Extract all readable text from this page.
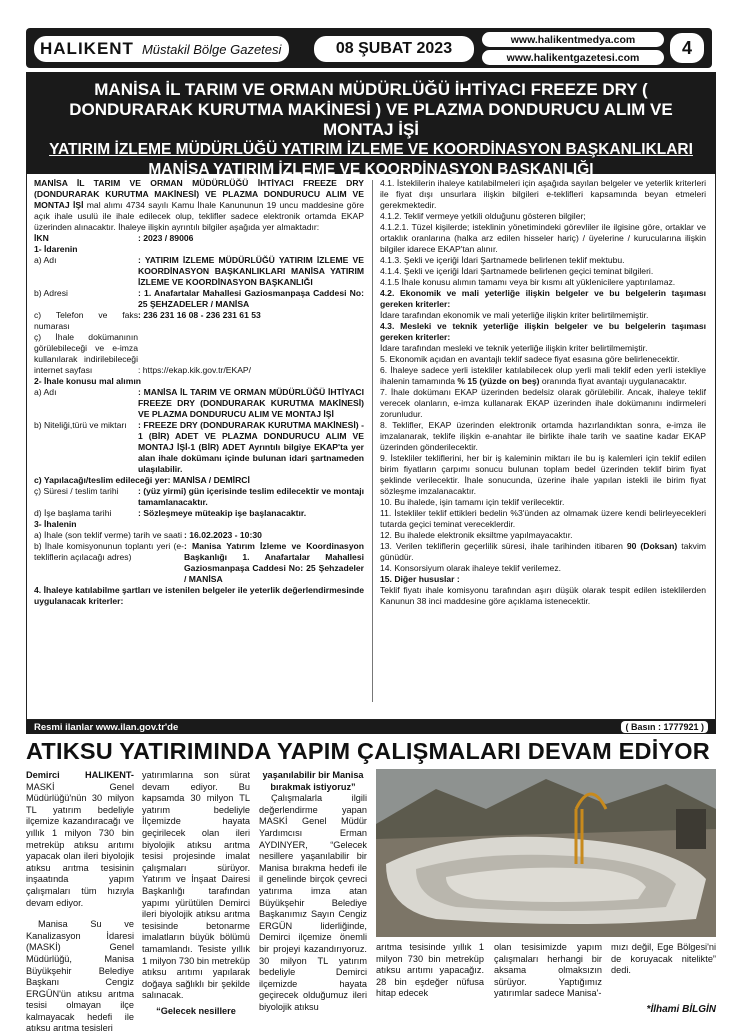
HALIKENT Müstakil Bölge Gazetesi	08 ŞUBAT 2023
www.halikentmedya.com
www.halikentgazetesi.com	4
MANİSA İL TARIM VE ORMAN MÜDÜRLÜĞÜ İHTİYACI FREEZE DRY ( DONDURARAK KURUTMA MAKİNESİ ) VE PLAZMA DONDURUCU ALIM VE MONTAJ İŞİ
YATIRIM İZLEME MÜDÜRLÜĞÜ YATIRIM İZLEME VE KOORDİNASYON BAŞKANLIKLARI
MANİSA YATIRIM İZLEME VE KOORDİNASYON BAŞKANLIĞI
MANİSA İL TARIM VE ORMAN MÜDÜRLÜĞÜ İHTİYACI FREEZE DRY (DONDURARAK KURUTMA MAKİNESİ) VE PLAZMA DONDURUCU ALIM VE MONTAJ İŞİ mal alımı 4734 sayılı Kamu İhale Kanununun 19 uncu maddesine göre açık ihale usulü ile ihale edilecek olup, teklifler sadece elektronik ortamda EKAP üzerinden alınacaktır. İhaleye ilişkin ayrıntılı bilgiler aşağıda yer almaktadır:
İKN	: 2023 / 89006
1- İdarenin
a) Adı	: YATIRIM İZLEME MÜDÜRLÜĞÜ YATIRIM İZLEME VE KOORDİNASYON BAŞKANLIKLARI MANİSA YATIRIM İZLEME VE KOORDİNASYON BAŞKANLIĞI
b) Adresi	: 1. Anafartalar Mahallesi Gaziosmanpaşa Caddesi No: 25 ŞEHZADELER / MANİSA
c) Telefon ve faks numarası
: 236 231 16 08 - 236 231 61 53
ç) İhale dokümanının görülebileceği ve e-imza kullanılarak indirilebileceği internet sayfası	: https://ekap.kik.gov.tr/EKAP/
2- İhale konusu mal alımın
a) Adı	: MANİSA İL TARIM VE ORMAN MÜDÜRLÜĞÜ İHTİYACI FREEZE DRY (DONDURARAK KURUTMA MAKİNESİ) VE PLAZMA DONDURUCU ALIM VE MONTAJ İŞİ
b) Niteliği,türü ve miktarı	: FREEZE DRY (DONDURARAK KURUTMA MAKİNESİ) - 1 (BİR) ADET VE PLAZMA DONDURUCU ALIM VE MONTAJ İŞİ-1 (BİR) ADET Ayrıntılı bilgiye EKAP'ta yer alan ihale dokümanı içinde bulunan idari şartnameden ulaşılabilir.
c) Yapılacağı/teslim edileceği yer: MANİSA / DEMİRCİ
ç) Süresi / teslim tarihi	: (yüz yirmi) gün içerisinde teslim edilecektir ve montajı tamamlanacaktır.
d) İşe başlama tarihi	: Sözleşmeye müteakip işe başlanacaktır.
3- İhalenin
a) İhale (son teklif verme) tarih ve saati : 16.02.2023 - 10:30
b) İhale komisyonunun toplantı yeri (e-tekliflerin açılacağı adres)
: Manisa Yatırım İzleme ve Koordinasyon Başkanlığı 1. Anafartalar Mahallesi Gaziosmanpaşa Caddesi No: 25 Şehzadeler / MANİSA
4. İhaleye katılabilme şartları ve istenilen belgeler ile yeterlik değerlendirmesinde uygulanacak kriterler:
4.1. İsteklilerin ihaleye katılabilmeleri için aşağıda sayılan belgeler ve yeterlik kriterleri ile fiyat dışı unsurlara ilişkin bilgileri e-teklifleri kapsamında beyan etmeleri gerekmektedir.
4.1.2. Teklif vermeye yetkili olduğunu gösteren bilgiler;
4.1.2.1. Tüzel kişilerde; isteklinin yönetimindeki görevliler ile ilgisine göre, ortaklar ve ortaklık oranlarına (halka arz edilen hisseler hariç) / üyelerine / kurucularına ilişkin bilgiler idarece EKAP'tan alınır.
4.1.3. Şekli ve içeriği İdari Şartnamede belirlenen teklif mektubu.
4.1.4. Şekli ve içeriği İdari Şartnamede belirlenen geçici teminat bilgileri.
4.1.5 İhale konusu alımın tamamı veya bir kısmı alt yüklenicilere yaptırılamaz.
4.2. Ekonomik ve mali yeterliğe ilişkin belgeler ve bu belgelerin taşıması gereken kriterler:
İdare tarafından ekonomik ve mali yeterliğe ilişkin kriter belirtilmemiştir.
4.3. Mesleki ve teknik yeterliğe ilişkin belgeler ve bu belgelerin taşıması gereken kriterler:
İdare tarafından mesleki ve teknik yeterliğe ilişkin kriter belirtilmemiştir.
5. Ekonomik açıdan en avantajlı teklif sadece fiyat esasına göre belirlenecektir.
6. İhaleye sadece yerli istekliler katılabilecek olup yerli mali teklif eden yerli istekliye ihalenin tamamında % 15 (yüzde on beş) oranında fiyat avantajı uygulanacaktır.
7. İhale dokümanı EKAP üzerinden bedelsiz olarak görülebilir. Ancak, ihaleye teklif verecek olanların, e-imza kullanarak EKAP üzerinden ihale dokümanını indirmeleri zorunludur.
8. Teklifler, EKAP üzerinden elektronik ortamda hazırlandıktan sonra, e-imza ile imzalanarak, teklife ilişkin e-anahtar ile birlikte ihale tarih ve saatine kadar EKAP üzerinden gönderilecektir.
9. İstekliler tekliflerini, her bir iş kaleminin miktarı ile bu iş kalemleri için teklif edilen birim fiyatların çarpımı sonucu bulunan toplam bedel üzerinden teklif birim fiyat şeklinde verilecektir. İhale sonucunda, üzerine ihale yapılan istekli ile birim fiyat sözleşme imzalanacaktır.
10. Bu ihalede, işin tamamı için teklif verilecektir.
11. İstekliler teklif ettikleri bedelin %3'ünden az olmamak üzere kendi belirleyecekleri tutarda geçici teminat vereceklerdir.
12. Bu ihalede elektronik eksiltme yapılmayacaktır.
13. Verilen tekliflerin geçerlilik süresi, ihale tarihinden itibaren 90 (Doksan) takvim günüdür.
14. Konsorsiyum olarak ihaleye teklif verilemez.
15. Diğer hususlar :
Teklif fiyatı ihale komisyonu tarafından aşırı düşük olarak tespit edilen isteklilerden Kanunun 38 inci maddesine göre açıklama istenecektir.
Resmi ilanlar www.ilan.gov.tr'de	( Basın : 1777921 )
ATIKSU YATIRIMINDA YAPIM ÇALIŞMALARI DEVAM EDİYOR
Demirci HALIKENT- MASKİ Genel Müdürlüğü'nün 30 milyon TL yatırım bedeliyle ilçemize kazandıracağı ve yıllık 1 milyon 730 bin metreküp atıksu arıtımı yapacak olan ileri biyolojik atıksu arıtma tesisinin inşaatında yapım çalışmaları tüm hızıyla devam ediyor.
Manisa Su ve Kanalizasyon İdaresi (MASKİ) Genel Müdürlüğü, Manisa Büyükşehir Belediye Başkanı Cengiz ERGÜN'ün atıksu arıtma tesisi olmayan ilçe kalmayacak hedefi ile atıksu arıtma tesisleri
yatırımlarına son sürat devam ediyor. Bu kapsamda 30 milyon TL yatırım bedeliyle İlçemizde hayata geçirilecek olan ileri biyolojik atıksu arıtma tesisi projesinde imalat çalışmaları sürüyor. Yatırım ve İnşaat Dairesi Başkanlığı tarafından yapımı yürütülen Demirci ileri biyolojik atıksu arıtma tesisinde betonarme imalatların büyük bölümü tamamlandı. Tesiste yıllık 1 milyon 730 bin metreküp atıksu arıtımı yapılarak doğaya sağlıklı bir şekilde salınacak.
“Gelecek nesillere
yaşanılabilir bir Manisa bırakmak istiyoruz”
Çalışmalarla ilgili değerlendirme yapan MASKİ Genel Müdür Yardımcısı Erman AYDINYER, “Gelecek nesillere yaşanılabilir bir Manisa bırakma hedefi ile il genelinde birçok çevreci yatırıma imza atan Büyükşehir Belediye Başkanımız Sayın Cengiz ERGÜN liderliğinde, Demirci ilçemize önemli bir projeyi kazandırıyoruz. 30 milyon TL yatırım bedeliyle Demirci ilçemizde hayata geçirecek olduğumuz ileri biyolojik atıksu
arıtma tesisinde yıllık 1 milyon 730 bin metreküp atıksu arıtımı yapacağız. 28 bin eşdeğer nüfusa hitap edecek
olan tesisimizde yapım çalışmaları herhangi bir aksama olmaksızın sürüyor. Yaptığımız yatırımlar sadece Manisa'-
mızı değil, Ege Bölgesi'ni de koruyacak nitelikte” dedi.
*İlhami BİLGİN
